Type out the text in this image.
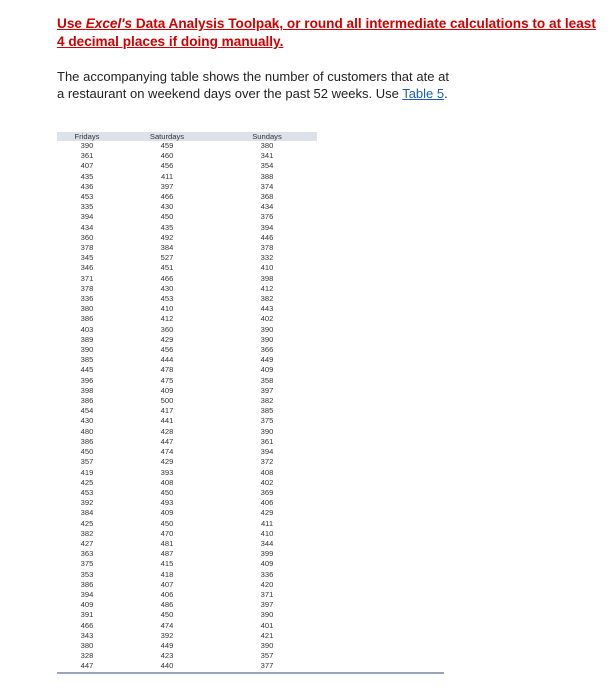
Use Excel's Data Analysis Toolpak, or round all intermediate calculations to at least 4 decimal places if doing manually.
The accompanying table shows the number of customers that ate at a restaurant on weekend days over the past 52 weeks. Use Table 5.
Fridays	Saturdays	Sundays
390	459	380
361	460	341
407	456	354
435	411	388
436	397	374
453	466	368
335	430	434
394	450	376
434	435	394
360	492	446
378	384	378
345	527	332
346	451	410
371	466	398
378	430	412
336	453	382
380	410	443
386	412	402
403	360	390
389	429	390
390	456	366
385	444	449
445	478	409
396	475	358
398	409	397
386	500	382
454	417	385
430	441	375
480	428	390
386	447	361
450	474	394
357	429	372
419	393	408
425	408	402
453	450	369
392	493	406
384	409	429
425	450	411
382	470	410
427	481	344
363	487	399
375	415	409
353	418	336
386	407	420
394	406	371
409	486	397
391	450	390
466	474	401
343	392	421
380	449	390
328	423	357
447	440	377
